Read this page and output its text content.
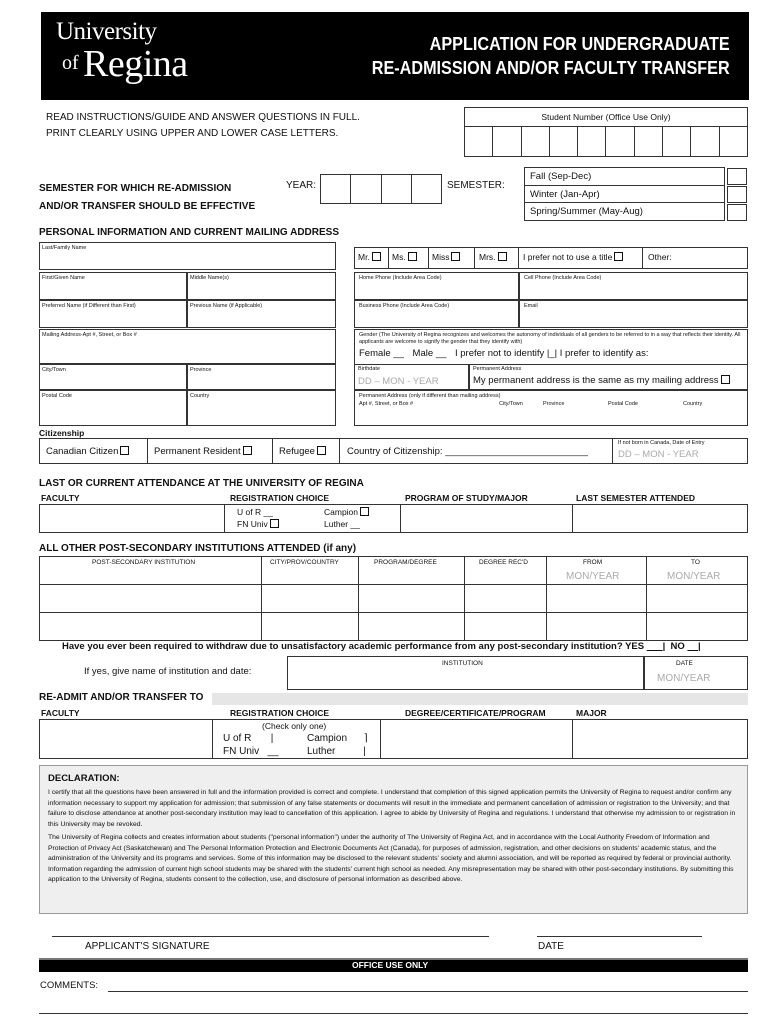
University
of Regina	APPLICATION FOR UNDERGRADUATE
RE-ADMISSION AND/OR FACULTY TRANSFER
READ INSTRUCTIONS/GUIDE AND ANSWER QUESTIONS IN FULL.
PRINT CLEARLY USING UPPER AND LOWER CASE LETTERS.
Student Number (Office Use Only)
SEMESTER FOR WHICH RE-ADMISSION
AND/OR TRANSFER SHOULD BE EFFECTIVE
YEAR:	SEMESTER:
Fall (Sep-Dec)
Winter (Jan-Apr)
Spring/Summer (May-Aug)
PERSONAL INFORMATION AND CURRENT MAILING ADDRESS
Last/Family Name
First/Given Name	Middle Name(s)
Preferred Name (if Different than First)	Previous Name (if Applicable)
Mailing Address-Apt #, Street, or Box #
City/Town	Province
Postal Code	Country
Mr.	Ms.	Miss	Mrs.	I prefer not to use a title	Other:
Home Phone (Include Area Code)	Cell Phone (Include Area Code)
Business Phone (Include Area Code)	Email
Gender (The University of Regina recognizes and welcomes the autonomy of individuals of all genders to be referred to in a way that reflects their identity. All applicants are welcome to signify the gender that they identify with)
Female __ Male __ I prefer not to identify |_| I prefer to identify as:
Birthdate
DD – MON - YEAR
Permanent Address
My permanent address is the same as my mailing address
Permanent Address (only if different than mailing address)
Apt #, Street, or Box #	City/Town	Province	Postal Code	Country
Citizenship
Canadian Citizen	Permanent Resident	Refugee	Country of Citizenship: ___________________________
If not born in Canada, Date of Entry
DD – MON - YEAR
LAST OR CURRENT ATTENDANCE AT THE UNIVERSITY OF REGINA
FACULTY	REGISTRATION CHOICE	PROGRAM OF STUDY/MAJOR	LAST SEMESTER ATTENDED
U of R __
FN Univ
Campion
Luther __
ALL OTHER POST-SECONDARY INSTITUTIONS ATTENDED (if any)
POST-SECONDARY INSTITUTION	CITY/PROV/COUNTRY	PROGRAM/DEGREE	DEGREE REC'D	FROM	TO
MON/YEAR	MON/YEAR
Have you ever been required to withdraw due to unsatisfactory academic performance from any post-secondary institution? YES |  NO |
If yes, give name of institution and date:
INSTITUTION	DATE
MON/YEAR
RE-ADMIT AND/OR TRANSFER TO
FACULTY	REGISTRATION CHOICE	DEGREE/CERTIFICATE/PROGRAM	MAJOR
(Check only one)
U of R       |
FN Univ   __
Campion      ⌉
Luther          |
DECLARATION:
I certify that all the questions have been answered in full and the information provided is correct and complete. I understand that completion of this signed application permits the University of Regina to request and/or confirm any information necessary to support my application for admission; that submission of any false statements or documents will result in the immediate and permanent cancellation of admission or registration to the University; and that failure to disclose attendance at another post-secondary institution may lead to cancellation of this application. I agree to abide by University of Regina and regulations. I understand that otherwise my admission to or registration in this University may be revoked.
The University of Regina collects and creates information about students ("personal information") under the authority of The University of Regina Act, and in accordance with the Local Authority Freedom of Information and Protection of Privacy Act (Saskatchewan) and The Personal Information Protection and Electronic Documents Act (Canada), for purposes of admission, registration, and other decisions on students' academic status, and the administration of the University and its programs and services. Some of this information may be disclosed to the relevant students' society and alumni association, and will be reported as required by federal or provincial authority. Information regarding the admission of current high school students may be shared with the students' current high school as needed. Any misrepresentation may be shared with other post-secondary institutions. By submitting this application to the University of Regina, students consent to the collection, use, and disclosure of personal information as described above.
APPLICANT'S SIGNATURE	DATE
OFFICE USE ONLY
COMMENTS:
